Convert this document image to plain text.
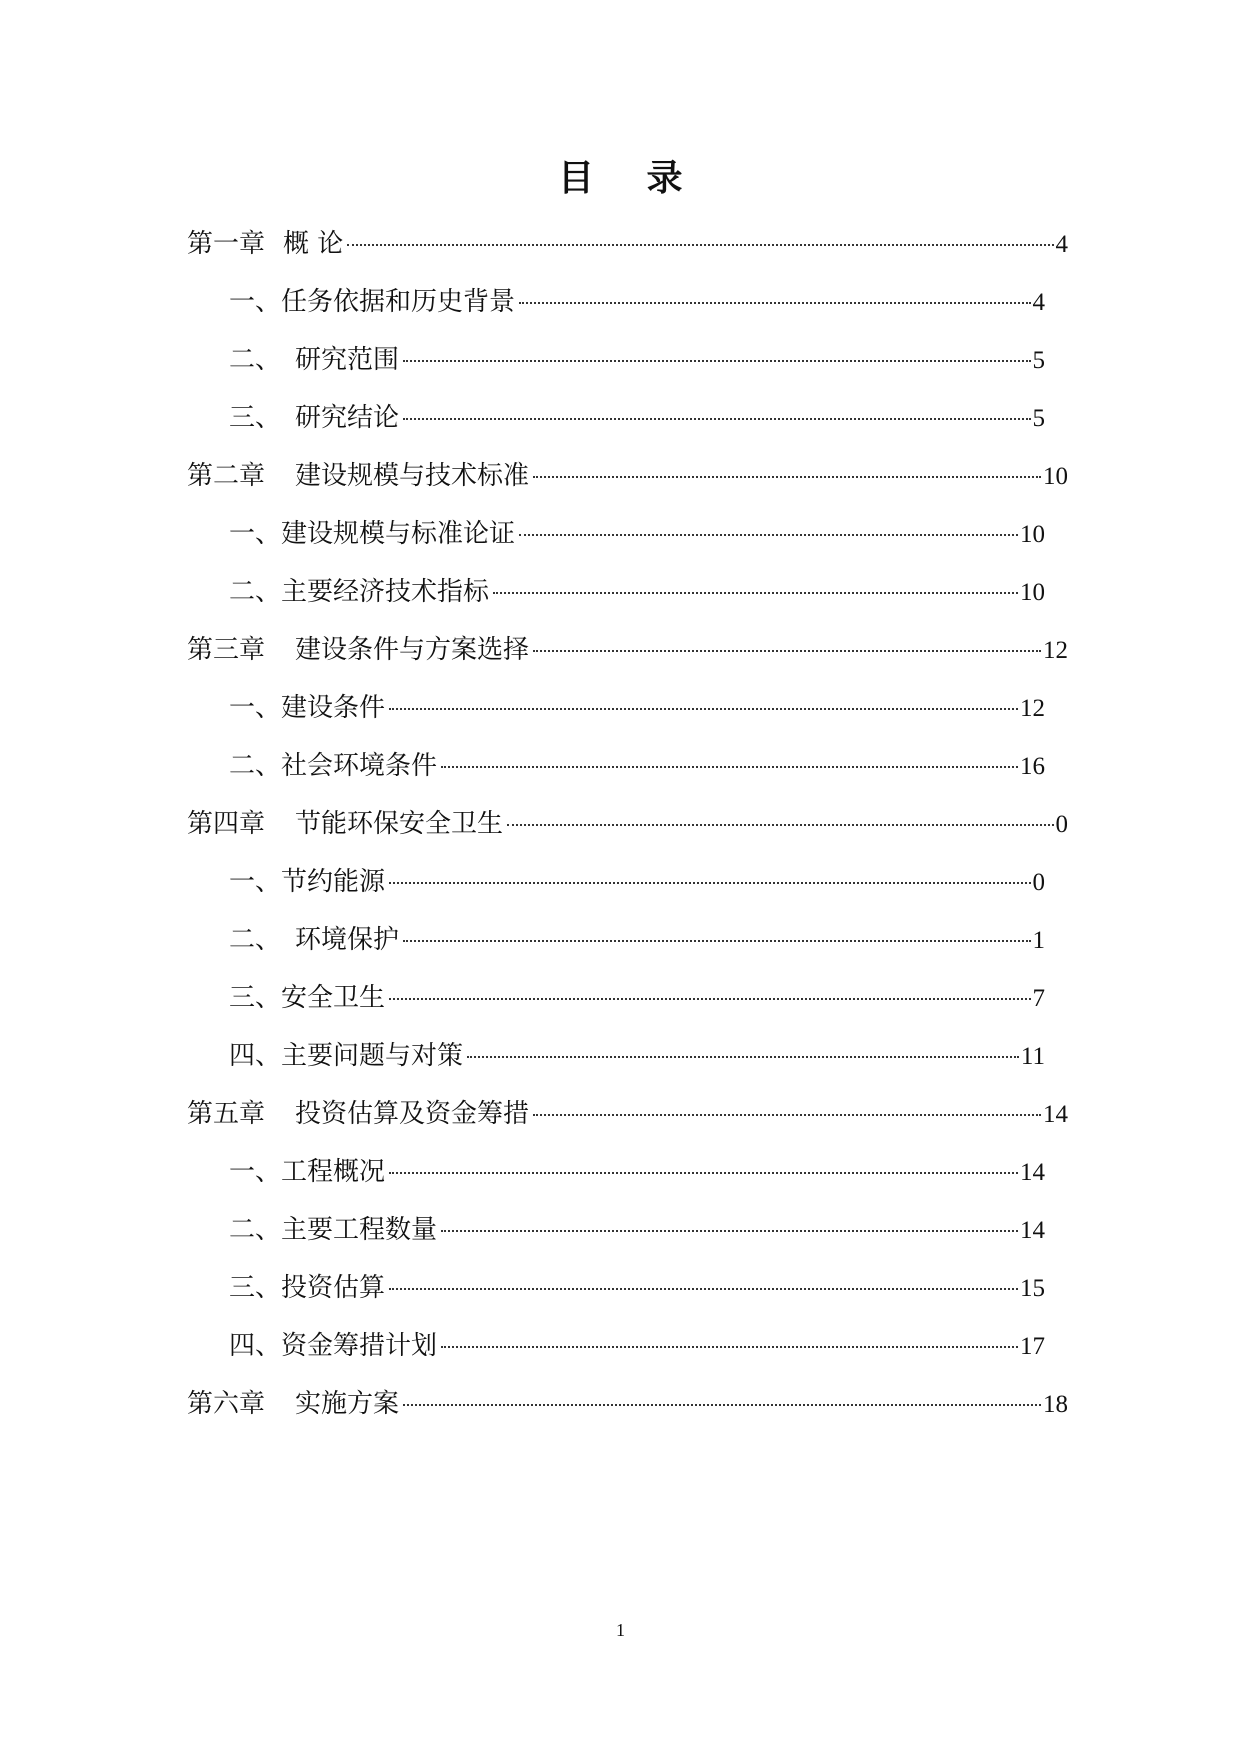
目 录
第一章 概 论	4
一、 任务依据和历史背景	4
二、 研究范围	5
三、 研究结论	5
第二章 建设规模与技术标准	10
一、 建设规模与标准论证	10
二、 主要经济技术指标	10
第三章 建设条件与方案选择	12
一、 建设条件	12
二、 社会环境条件	16
第四章 节能环保安全卫生	0
一、 节约能源	0
二、 环境保护	1
三、 安全卫生	7
四、 主要问题与对策	11
第五章 投资估算及资金筹措	14
一、 工程概况	14
二、 主要工程数量	14
三、 投资估算	15
四、 资金筹措计划	17
第六章 实施方案	18
1
